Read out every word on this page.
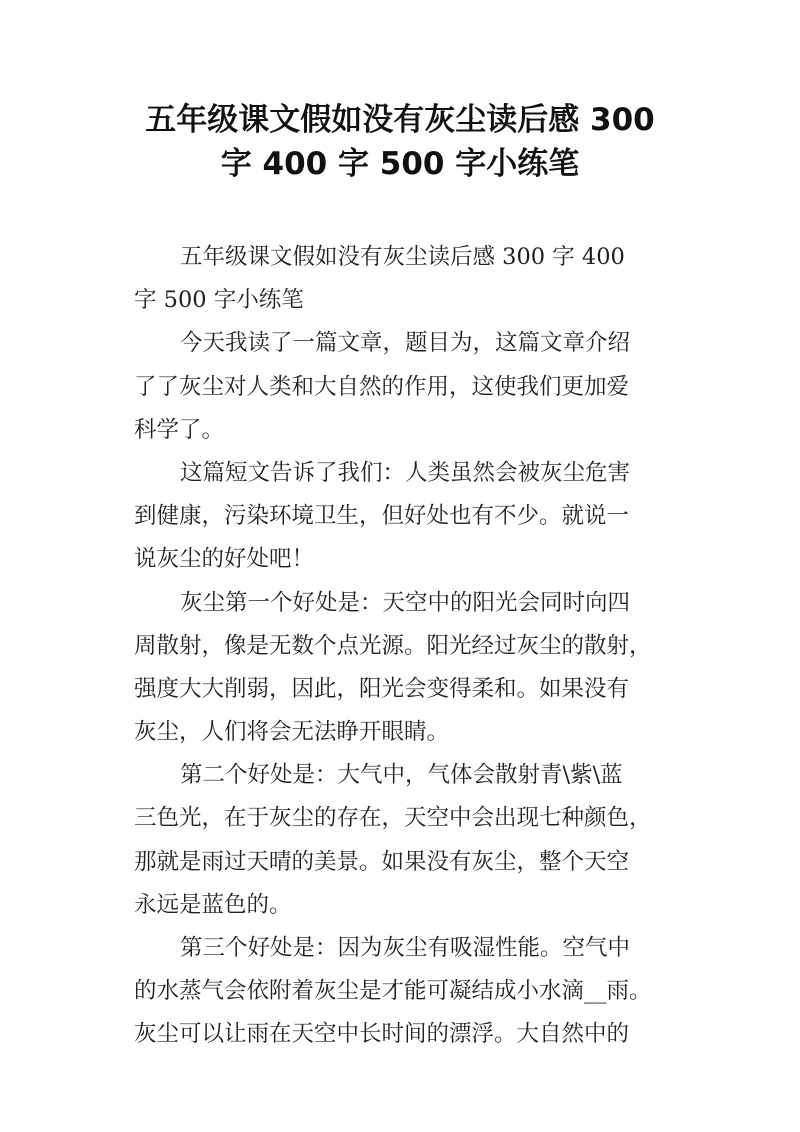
五年级课文假如没有灰尘读后感 300
字 400 字 500 字小练笔
五年级课文假如没有灰尘读后感 300 字 400
字 500 字小练笔
今天我读了一篇文章，题目为，这篇文章介绍
了了灰尘对人类和大自然的作用，这使我们更加爱
科学了。
这篇短文告诉了我们：人类虽然会被灰尘危害
到健康，污染环境卫生，但好处也有不少。就说一
说灰尘的好处吧！
灰尘第一个好处是：天空中的阳光会同时向四
周散射，像是无数个点光源。阳光经过灰尘的散射，
强度大大削弱，因此，阳光会变得柔和。如果没有
灰尘，人们将会无法睁开眼睛。
第二个好处是：大气中，气体会散射青\紫\蓝
三色光，在于灰尘的存在，天空中会出现七种颜色，
那就是雨过天晴的美景。如果没有灰尘，整个天空
永远是蓝色的。
第三个好处是：因为灰尘有吸湿性能。空气中
的水蒸气会依附着灰尘是才能可凝结成小水滴__雨。
灰尘可以让雨在天空中长时间的漂浮。大自然中的
